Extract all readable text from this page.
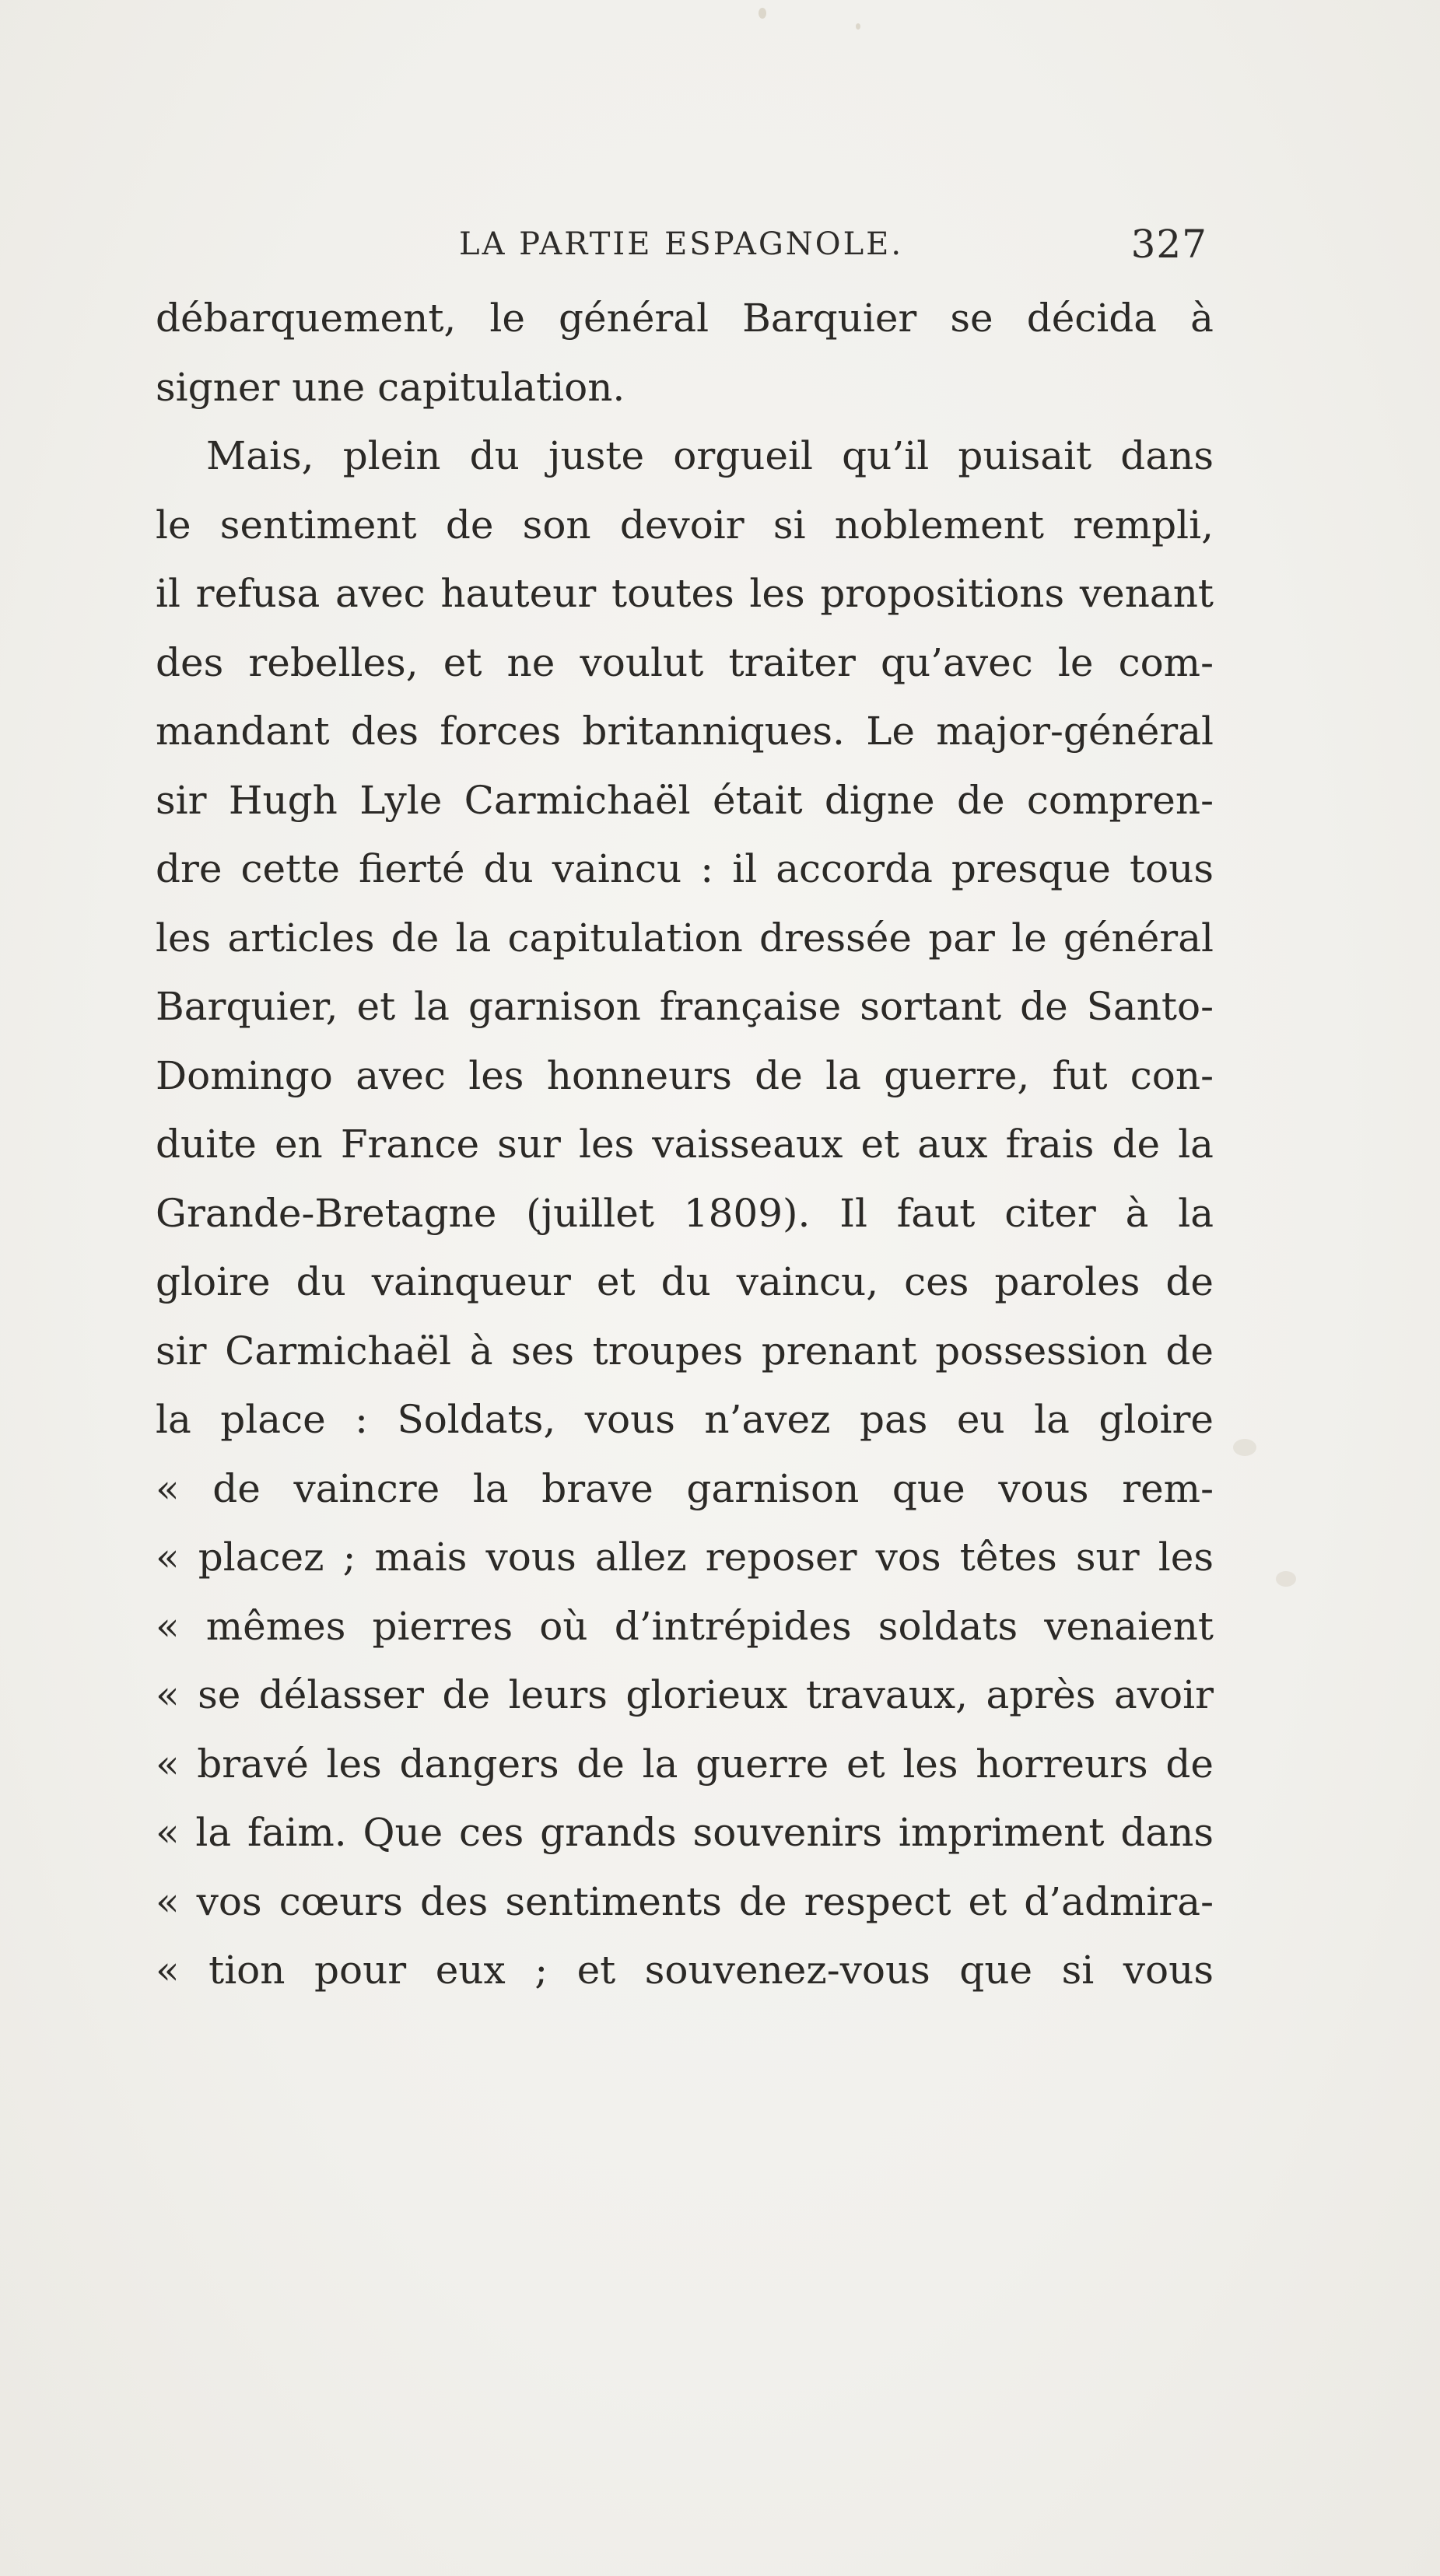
LA PARTIE ESPAGNOLE.	327
débarquement, le général Barquier se décida à
signer une capitulation.
Mais, plein du juste orgueil qu’il puisait dans
le sentiment de son devoir si noblement rempli,
il refusa avec hauteur toutes les propositions venant
des rebelles, et ne voulut traiter qu’avec le com-
mandant des forces britanniques. Le major-général
sir Hugh Lyle Carmichaël était digne de compren-
dre cette fierté du vaincu : il accorda presque tous
les articles de la capitulation dressée par le général
Barquier, et la garnison française sortant de Santo-
Domingo avec les honneurs de la guerre, fut con-
duite en France sur les vaisseaux et aux frais de la
Grande-Bretagne (juillet 1809). Il faut citer à la
gloire du vainqueur et du vaincu, ces paroles de
sir Carmichaël à ses troupes prenant possession de
la place : Soldats, vous n’avez pas eu la gloire
« de vaincre la brave garnison que vous rem-
« placez ; mais vous allez reposer vos têtes sur les
« mêmes pierres où d’intrépides soldats venaient
« se délasser de leurs glorieux travaux, après avoir
« bravé les dangers de la guerre et les horreurs de
« la faim. Que ces grands souvenirs impriment dans
« vos cœurs des sentiments de respect et d’admira-
« tion pour eux ; et souvenez-vous que si vous
